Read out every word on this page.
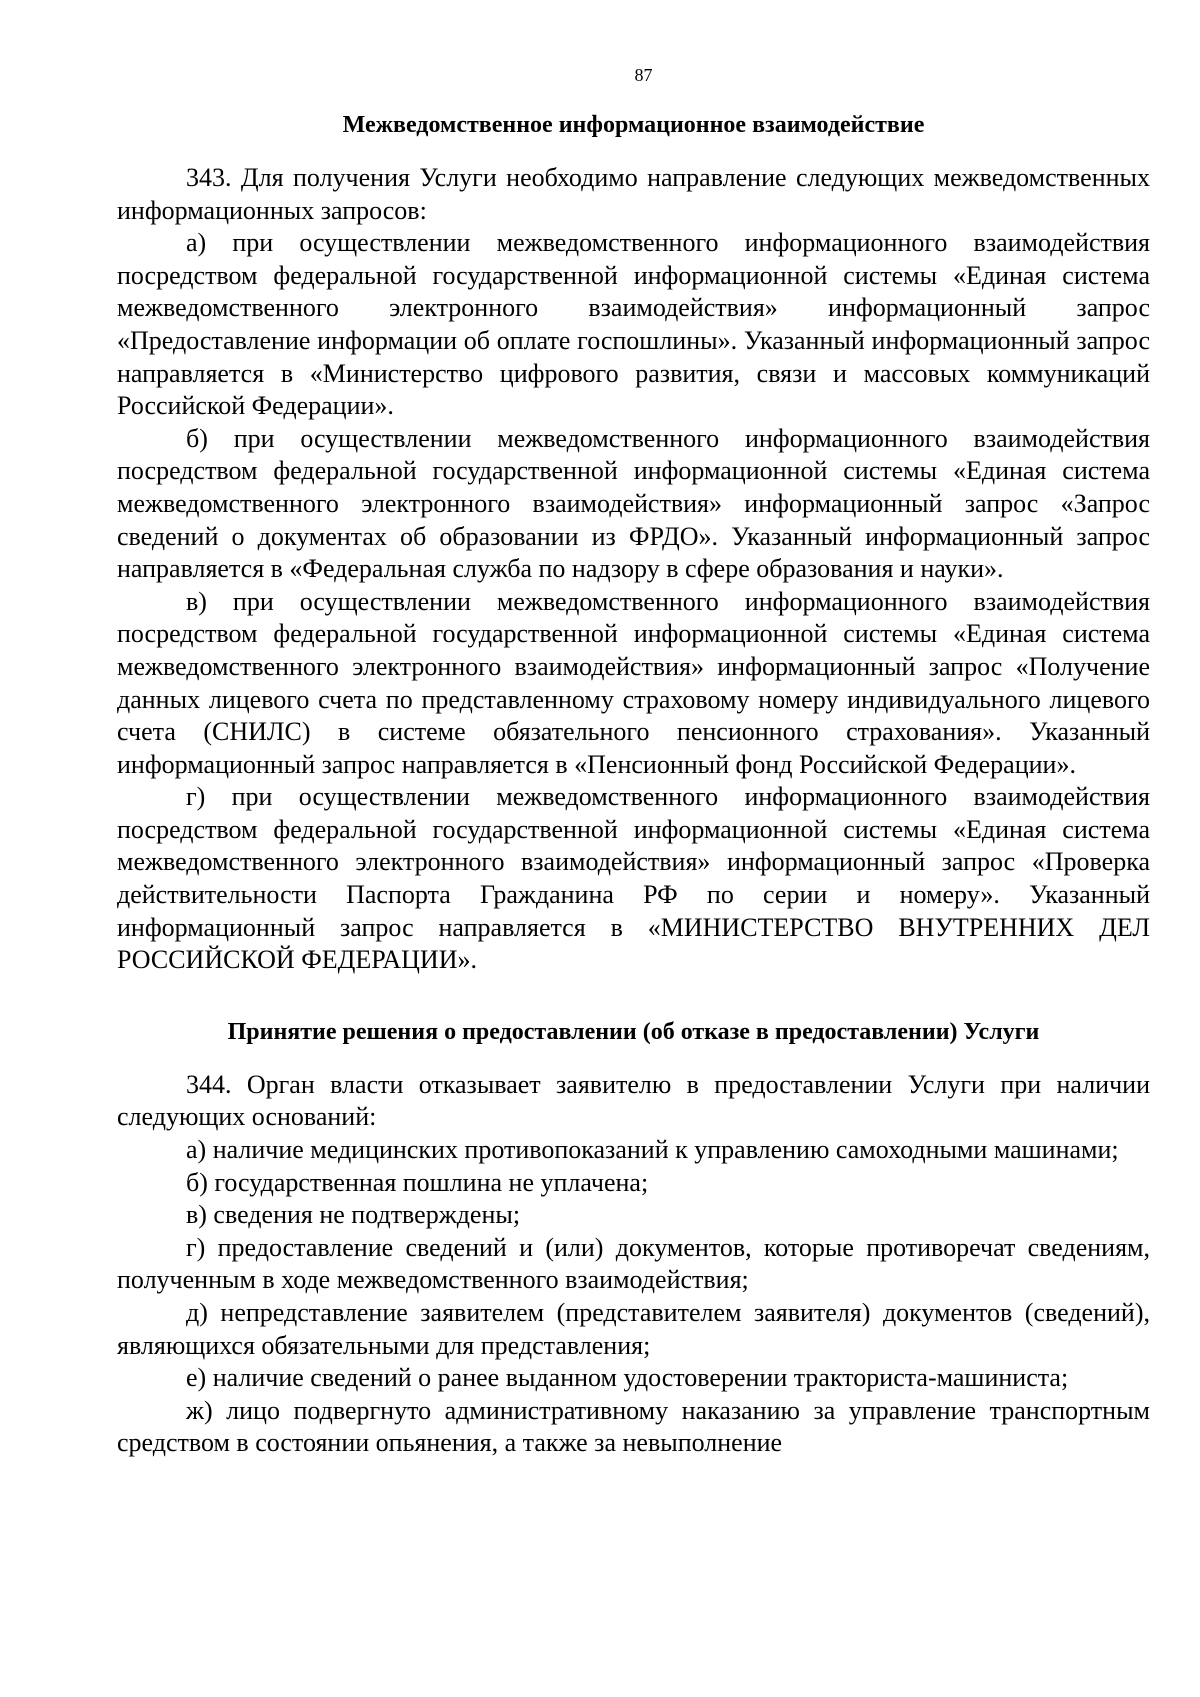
87
Межведомственное информационное взаимодействие

343. Для получения Услуги необходимо направление следующих межведомственных информационных запросов:

а) при осуществлении межведомственного информационного взаимодействия посредством федеральной государственной информационной системы «Единая система межведомственного электронного взаимодействия» информационный запрос «Предоставление информации об оплате госпошлины». Указанный информационный запрос направляется в «Министерство цифрового развития, связи и массовых коммуникаций Российской Федерации».

б) при осуществлении межведомственного информационного взаимодействия посредством федеральной государственной информационной системы «Единая система межведомственного электронного взаимодействия» информационный запрос «Запрос сведений о документах об образовании из ФРДО». Указанный информационный запрос направляется в «Федеральная служба по надзору в сфере образования и науки».

в) при осуществлении межведомственного информационного взаимодействия посредством федеральной государственной информационной системы «Единая система межведомственного электронного взаимодействия» информационный запрос «Получение данных лицевого счета по представленному страховому номеру индивидуального лицевого счета (СНИЛС) в системе обязательного пенсионного страхования». Указанный информационный запрос направляется в «Пенсионный фонд Российской Федерации».

г) при осуществлении межведомственного информационного взаимодействия посредством федеральной государственной информационной системы «Единая система межведомственного электронного взаимодействия» информационный запрос «Проверка действительности Паспорта Гражданина РФ по серии и номеру». Указанный информационный запрос направляется в «МИНИСТЕРСТВО ВНУТРЕННИХ ДЕЛ РОССИЙСКОЙ ФЕДЕРАЦИИ».

Принятие решения о предоставлении (об отказе в предоставлении) Услуги

344. Орган власти отказывает заявителю в предоставлении Услуги при наличии следующих оснований:

а) наличие медицинских противопоказаний к управлению самоходными машинами;

б) государственная пошлина не уплачена;

в) сведения не подтверждены;

г) предоставление сведений и (или) документов, которые противоречат сведениям, полученным в ходе межведомственного взаимодействия;

д) непредставление заявителем (представителем заявителя) документов (сведений), являющихся обязательными для представления;

е) наличие сведений о ранее выданном удостоверении тракториста-машиниста;

ж) лицо подвергнуто административному наказанию за управление транспортным средством в состоянии опьянения, а также за невыполнение
